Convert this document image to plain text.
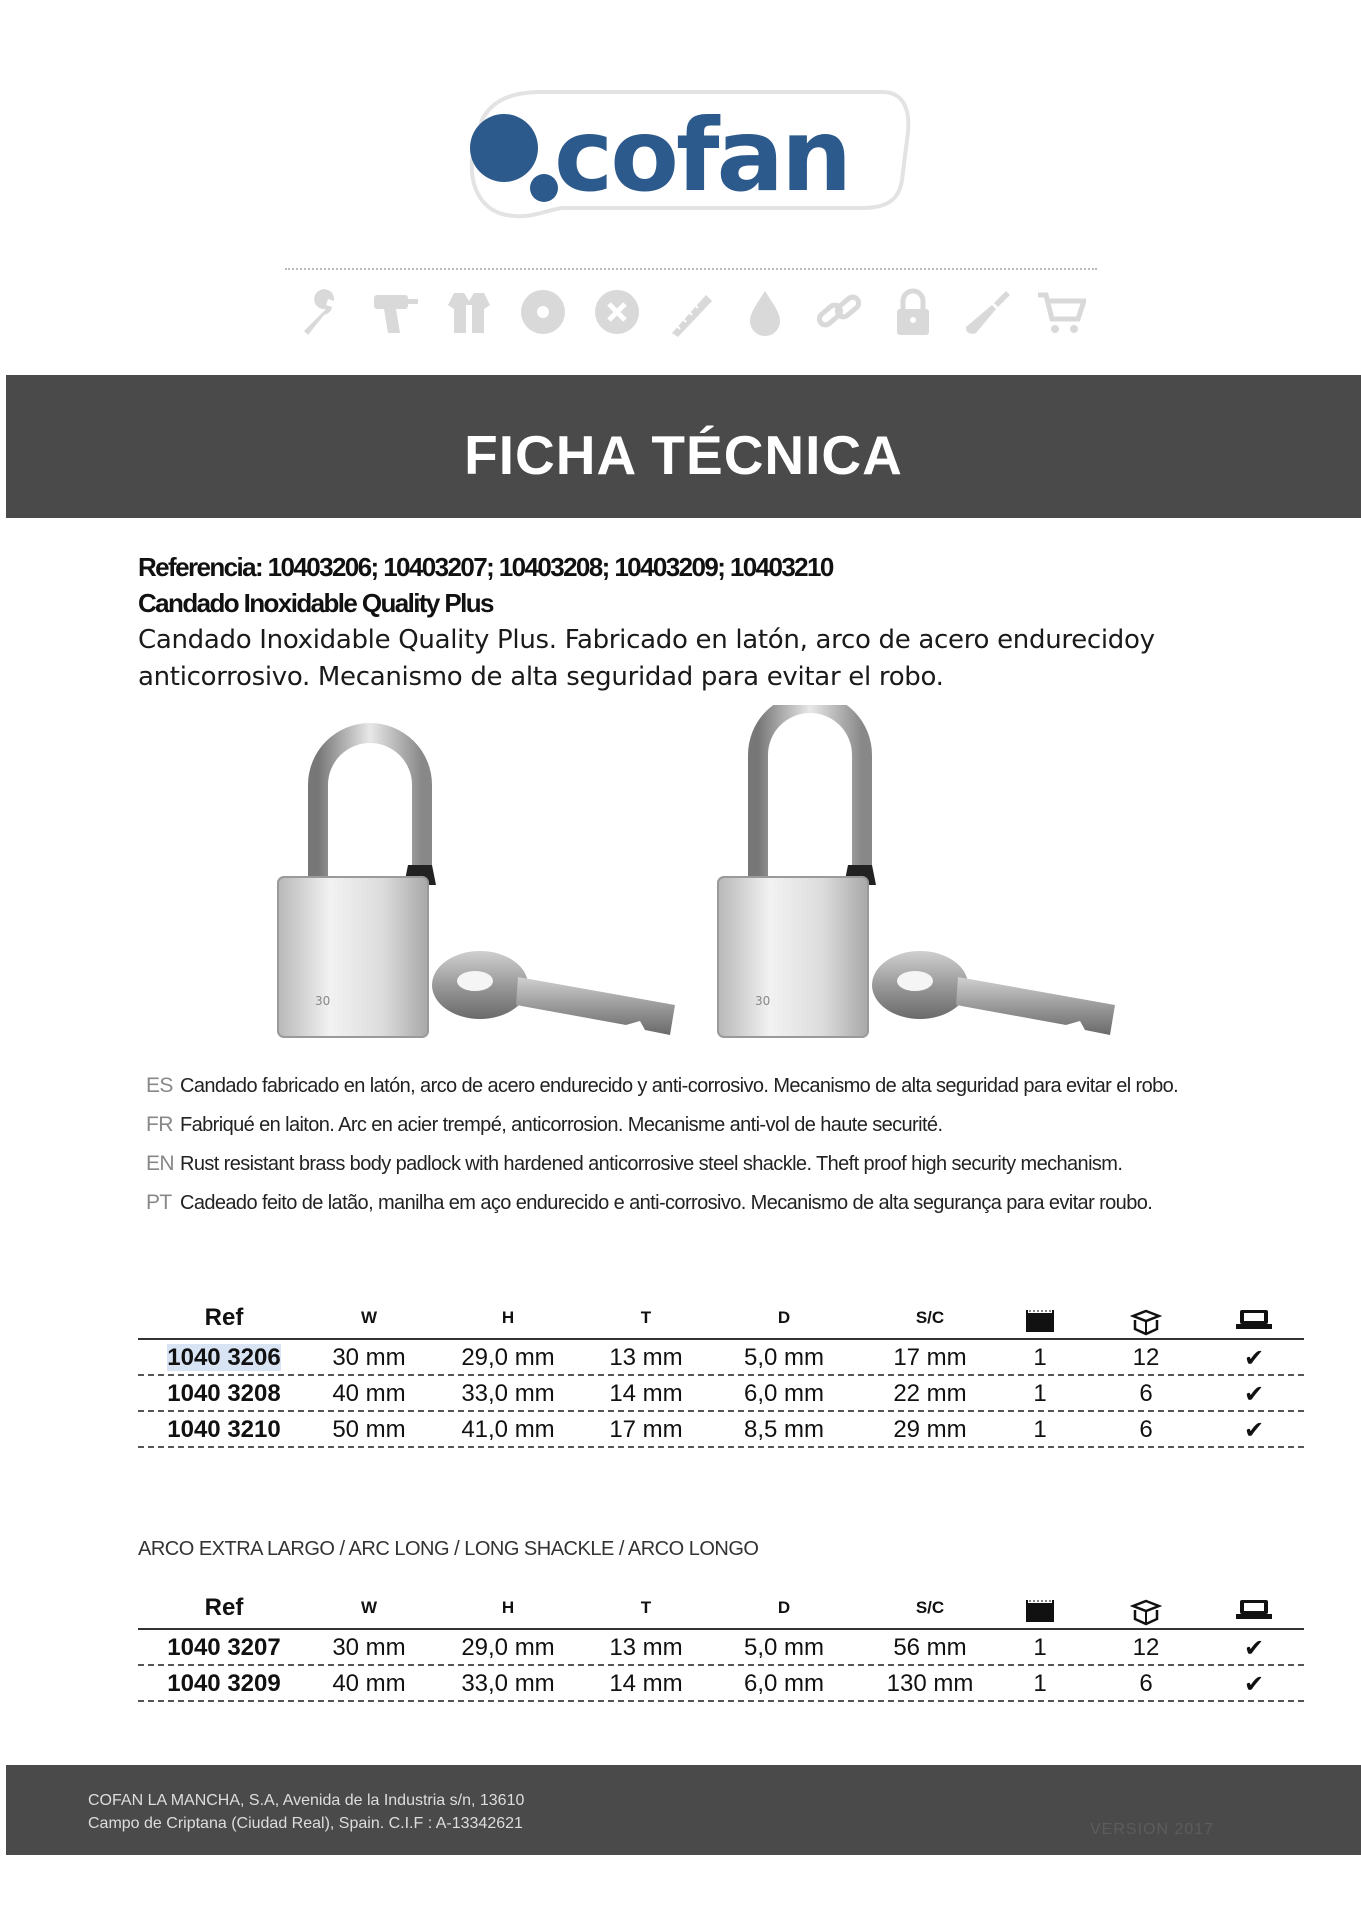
cofan
FICHA TÉCNICA
Referencia: 10403206; 10403207; 10403208; 10403209; 10403210
Candado Inoxidable Quality Plus
Candado Inoxidable Quality Plus. Fabricado en latón, arco de acero endurecidoy anticorrosivo. Mecanismo de alta seguridad para evitar el robo.
30	30
ES Candado fabricado en latón, arco de acero endurecido y anti-corrosivo. Mecanismo de alta seguridad para evitar el robo.
FR Fabriqué en laiton. Arc en acier trempé, anticorrosion. Mecanisme anti-vol de haute securité.
EN Rust resistant brass body padlock with hardened anticorrosive steel shackle. Theft proof high security mechanism.
PT Cadeado feito de latão, manilha em aço endurecido e anti-corrosivo. Mecanismo de alta segurança para evitar roubo.
Ref	W	H	T	D	S/C
1040 3206	30 mm	29,0 mm	13 mm	5,0 mm	17 mm	1	12	✔
1040 3208	40 mm	33,0 mm	14 mm	6,0 mm	22 mm	1	6	✔
1040 3210	50 mm	41,0 mm	17 mm	8,5 mm	29 mm	1	6	✔
ARCO EXTRA LARGO / ARC LONG / LONG SHACKLE / ARCO LONGO
Ref	W	H	T	D	S/C
1040 3207	30 mm	29,0 mm	13 mm	5,0 mm	56 mm	1	12	✔
1040 3209	40 mm	33,0 mm	14 mm	6,0 mm	130 mm	1	6	✔
COFAN LA MANCHA, S.A, Avenida de la Industria s/n, 13610
Campo de Criptana (Ciudad Real), Spain. C.I.F : A-13342621	VERSION 2017
